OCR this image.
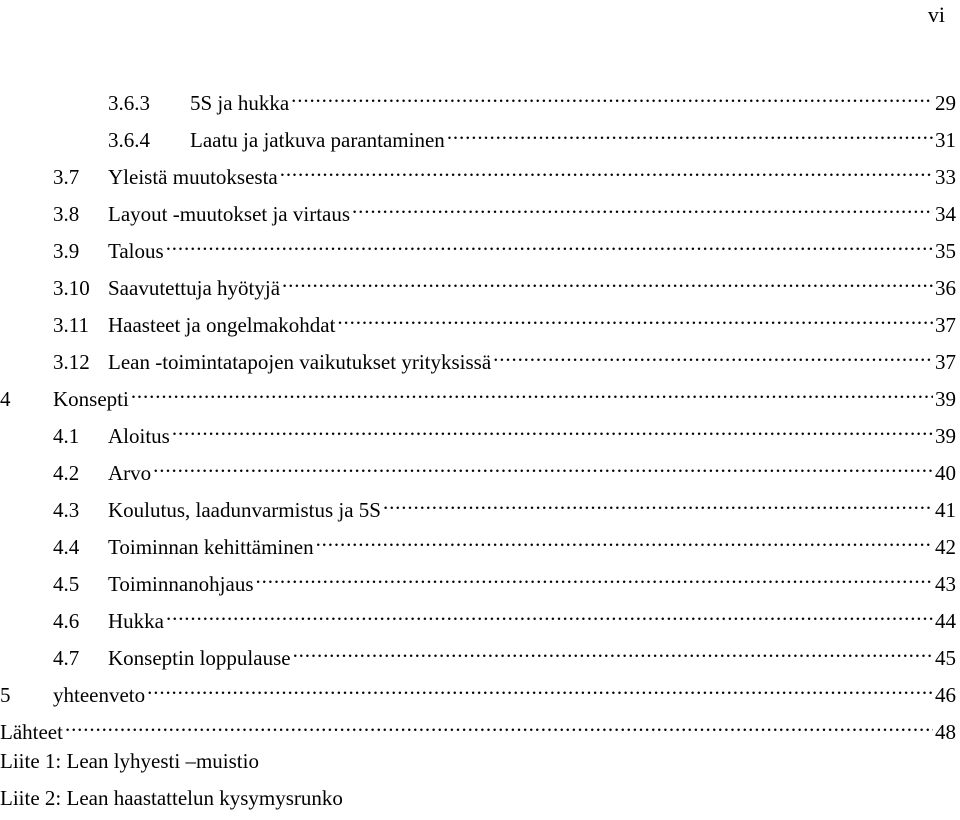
vi
3.6.3	5S ja hukka . . .	29
3.6.4	Laatu ja jatkuva parantaminen . . .	31
3.7	Yleistä muutoksesta . . .	33
3.8	Layout -muutokset ja virtaus . . .	34
3.9	Talous . . .	35
3.10 Saavutettuja hyötyjä . . .	36
3.11 Haasteet ja ongelmakohdat . . .	37
3.12 Lean -toimintatapojen vaikutukset yrityksissä . . .	37
4	Konsepti . . .	39
4.1	Aloitus . . .	39
4.2	Arvo . . .	40
4.3	Koulutus, laadunvarmistus ja 5S . . .	41
4.4	Toiminnan kehittäminen . . .	42
4.5	Toiminnanohjaus . . .	43
4.6	Hukka . . .	44
4.7	Konseptin loppulause . . .	45
5	yhteenveto . . .	46
Lähteet . . .	48
Liite 1: Lean lyhyesti –muistio
Liite 2: Lean haastattelun kysymysrunko
